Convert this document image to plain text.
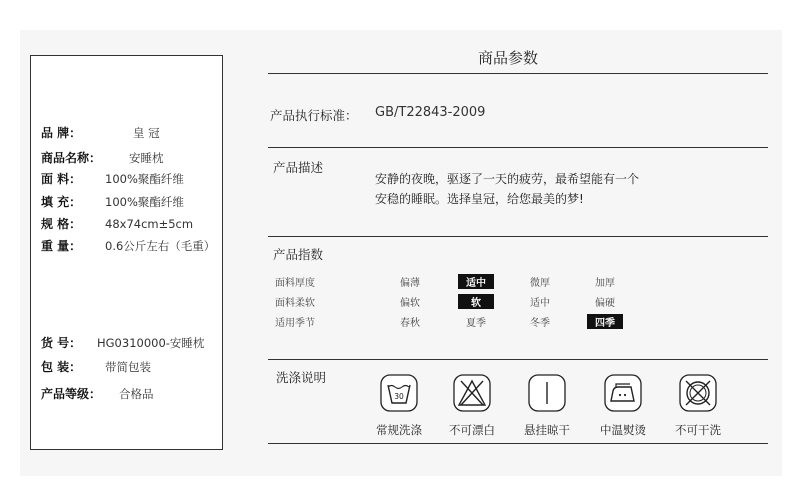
品 牌：	皇 冠
商品名称： 安睡枕
面 料： 100%聚酯纤维
填 充： 100%聚酯纤维
规 格： 48x74cm±5cm
重 量： 0.6公斤左右（毛重）
货 号： HG0310000-安睡枕
包 装： 带简包装
产品等级： 合格品
商品参数
产品执行标准： GB/T22843-2009
产品描述
安静的夜晚，驱逐了一天的疲劳，最希望能有一个
安稳的睡眠。选择皇冠，给您最美的梦!
产品指数
面料厚度	偏薄	适中	微厚	加厚
面料柔软	偏软	软	适中	偏硬
适用季节	春秋	夏季	冬季	四季
洗涤说明
30
常规洗涤	不可漂白	悬挂晾干	中温熨烫	不可干洗
